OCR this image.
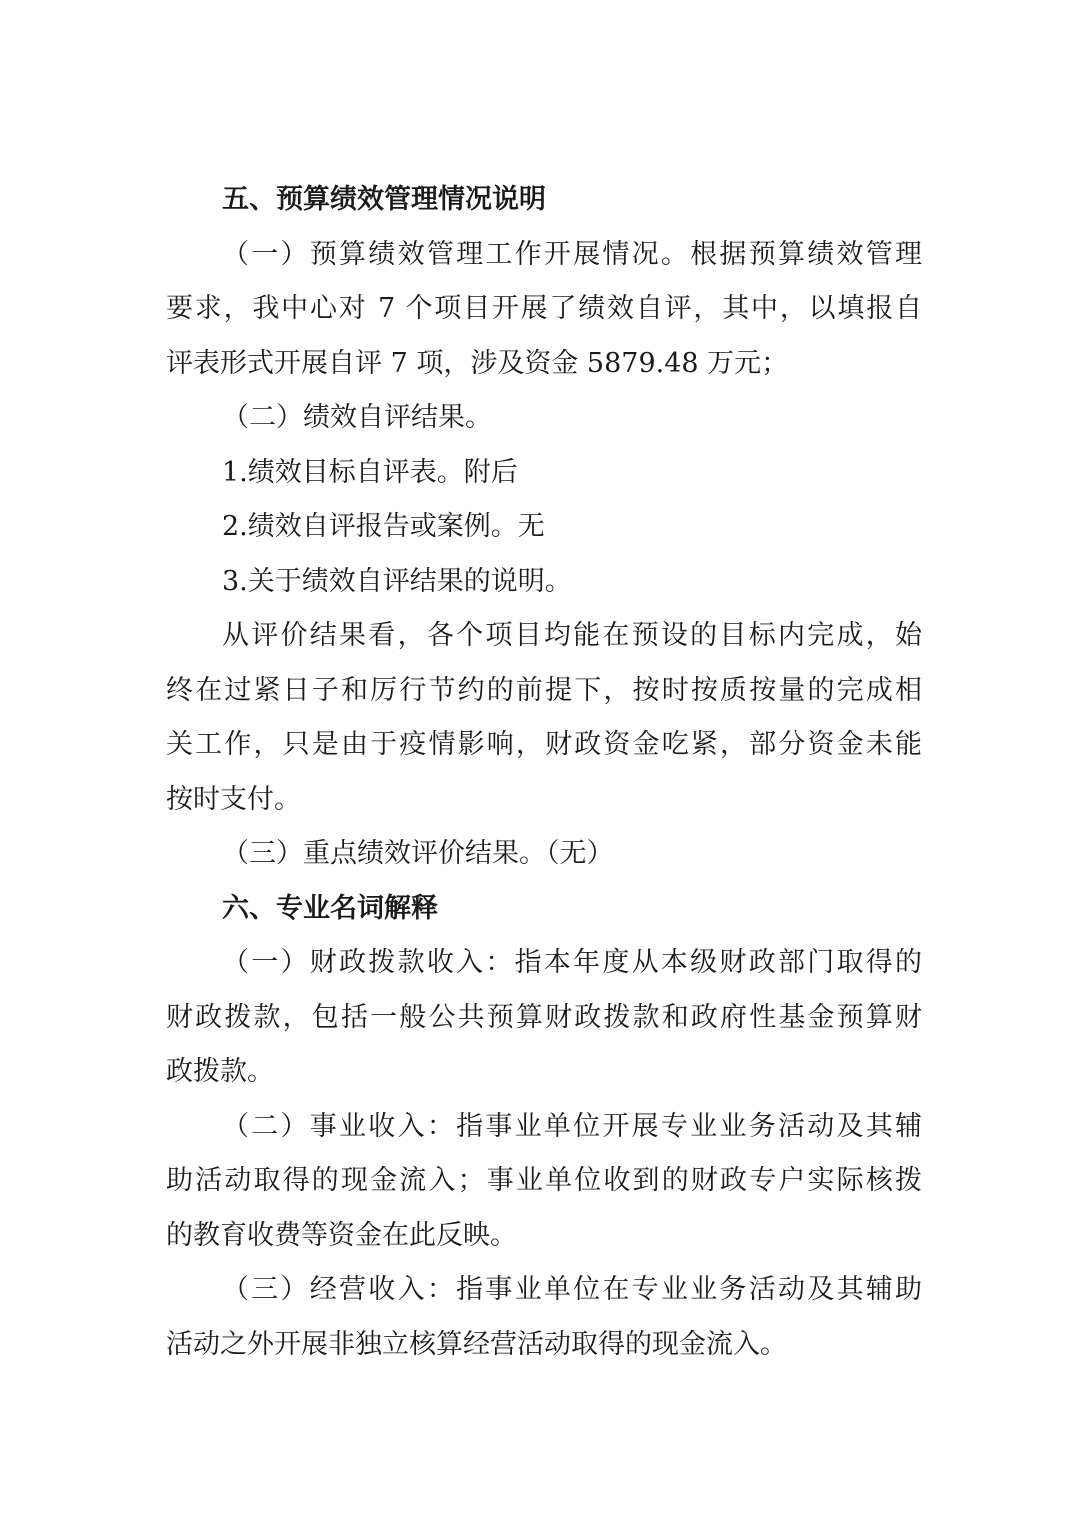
五、预算绩效管理情况说明
（一）预算绩效管理工作开展情况。根据预算绩效管理
要求，我中心对 7 个项目开展了绩效自评，其中，以填报自
评表形式开展自评 7 项，涉及资金 5879.48 万元；
（二）绩效自评结果。
1.绩效目标自评表。附后
2.绩效自评报告或案例。无
3.关于绩效自评结果的说明。
从评价结果看，各个项目均能在预设的目标内完成，始
终在过紧日子和厉行节约的前提下，按时按质按量的完成相
关工作，只是由于疫情影响，财政资金吃紧，部分资金未能
按时支付。
（三）重点绩效评价结果。（无）
六、专业名词解释
（一）财政拨款收入：指本年度从本级财政部门取得的
财政拨款，包括一般公共预算财政拨款和政府性基金预算财
政拨款。
（二）事业收入：指事业单位开展专业业务活动及其辅
助活动取得的现金流入；事业单位收到的财政专户实际核拨
的教育收费等资金在此反映。
（三）经营收入：指事业单位在专业业务活动及其辅助
活动之外开展非独立核算经营活动取得的现金流入。
